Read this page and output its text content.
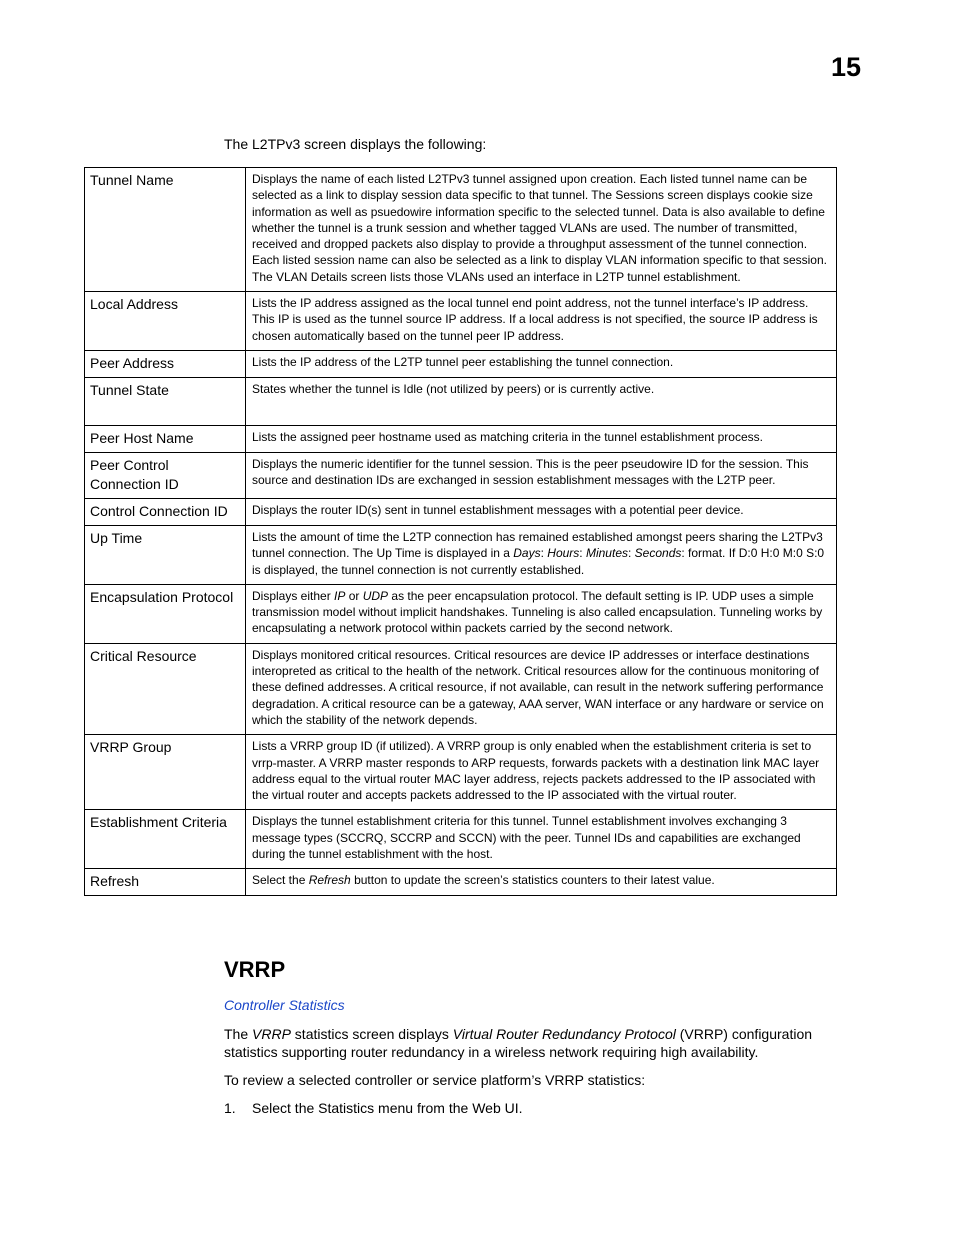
15

The L2TPv3 screen displays the following:

Tunnel Name	Displays the name of each listed L2TPv3 tunnel assigned upon creation. Each listed tunnel name can be selected as a link to display session data specific to that tunnel. The Sessions screen displays cookie size information as well as psuedowire information specific to the selected tunnel. Data is also available to define whether the tunnel is a trunk session and whether tagged VLANs are used. The number of transmitted, received and dropped packets also display to provide a throughput assessment of the tunnel connection. Each listed session name can also be selected as a link to display VLAN information specific to that session. The VLAN Details screen lists those VLANs used an interface in L2TP tunnel establishment.
Local Address	Lists the IP address assigned as the local tunnel end point address, not the tunnel interface’s IP address. This IP is used as the tunnel source IP address. If a local address is not specified, the source IP address is chosen automatically based on the tunnel peer IP address.
Peer Address	Lists the IP address of the L2TP tunnel peer establishing the tunnel connection.
Tunnel State	States whether the tunnel is Idle (not utilized by peers) or is currently active.
Peer Host Name	Lists the assigned peer hostname used as matching criteria in the tunnel establishment process.
Peer Control Connection ID	Displays the numeric identifier for the tunnel session. This is the peer pseudowire ID for the session. This source and destination IDs are exchanged in session establishment messages with the L2TP peer.
Control Connection ID	Displays the router ID(s) sent in tunnel establishment messages with a potential peer device.
Up Time	Lists the amount of time the L2TP connection has remained established amongst peers sharing the L2TPv3 tunnel connection. The Up Time is displayed in a Days: Hours: Minutes: Seconds: format. If D:0 H:0 M:0 S:0 is displayed, the tunnel connection is not currently established.
Encapsulation Protocol	Displays either IP or UDP as the peer encapsulation protocol. The default setting is IP. UDP uses a simple transmission model without implicit handshakes. Tunneling is also called encapsulation. Tunneling works by encapsulating a network protocol within packets carried by the second network.
Critical Resource	Displays monitored critical resources. Critical resources are device IP addresses or interface destinations interopreted as critical to the health of the network. Critical resources allow for the continuous monitoring of these defined addresses. A critical resource, if not available, can result in the network suffering performance degradation. A critical resource can be a gateway, AAA server, WAN interface or any hardware or service on which the stability of the network depends.
VRRP Group	Lists a VRRP group ID (if utilized). A VRRP group is only enabled when the establishment criteria is set to vrrp-master. A VRRP master responds to ARP requests, forwards packets with a destination link MAC layer address equal to the virtual router MAC layer address, rejects packets addressed to the IP associated with the virtual router and accepts packets addressed to the IP associated with the virtual router.
Establishment Criteria	Displays the tunnel establishment criteria for this tunnel. Tunnel establishment involves exchanging 3 message types (SCCRQ, SCCRP and SCCN) with the peer. Tunnel IDs and capabilities are exchanged during the tunnel establishment with the host.
Refresh	Select the Refresh button to update the screen’s statistics counters to their latest value.
VRRP
Controller Statistics

The VRRP statistics screen displays Virtual Router Redundancy Protocol (VRRP) configuration statistics supporting router redundancy in a wireless network requiring high availability.

To review a selected controller or service platform’s VRRP statistics:

1. Select the Statistics menu from the Web UI.
